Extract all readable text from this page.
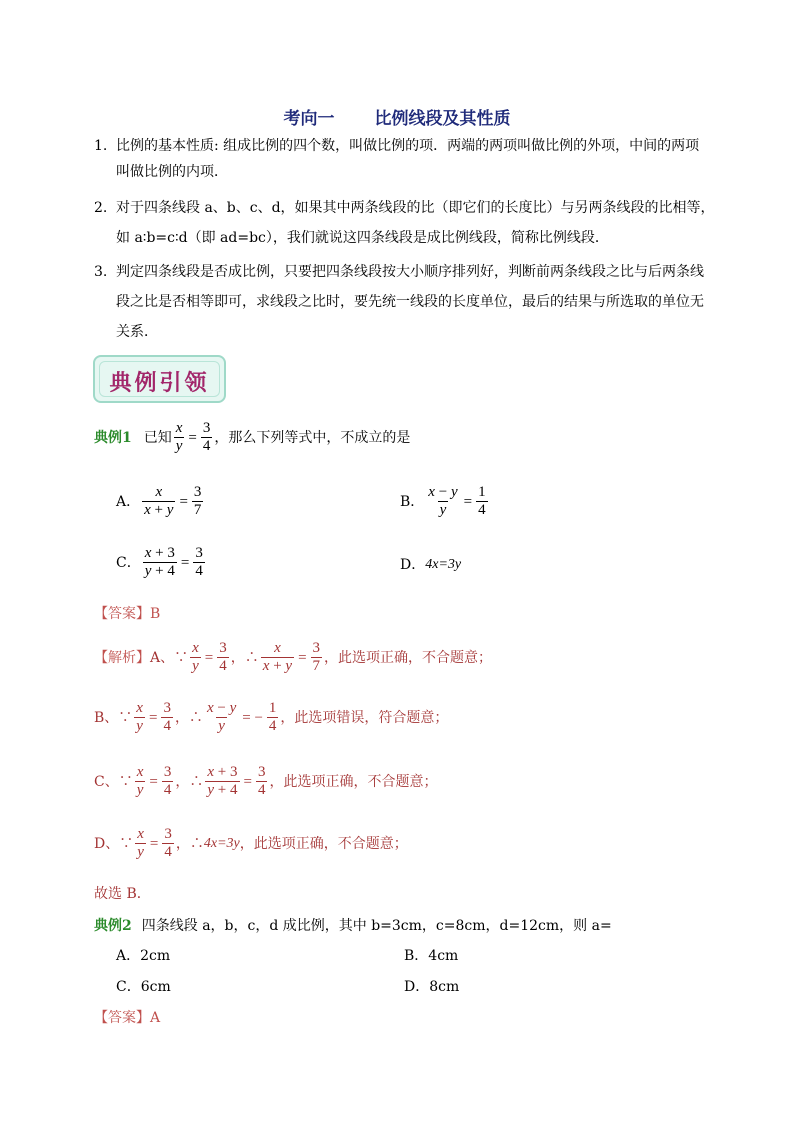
考向一 比例线段及其性质
1. 比例的基本性质: 组成比例的四个数，叫做比例的项．两端的两项叫做比例的外项，中间的两项
叫做比例的内项．
2. 对于四条线段 a、b、c、d，如果其中两条线段的比（即它们的长度比）与另两条线段的比相等，
如 a∶b=c∶d（即 ad=bc），我们就说这四条线段是成比例线段，简称比例线段．
3. 判定四条线段是否成比例，只要把四条线段按大小顺序排列好，判断前两条线段之比与后两条线
段之比是否相等即可，求线段之比时，要先统一线段的长度单位，最后的结果与所选取的单位无
关系．
典例引领
典例1 已知 $\frac{x}{y} = \frac{3}{4}$ ，那么下列等式中，不成立的是
A． $\frac{x}{x + y} = \frac{3}{7}$	B． $\frac{x - y}{y} = \frac{1}{4}$
C． $\frac{x + 3}{y + 4} = \frac{3}{4}$	D． 4x=3y
【答案】B
【解析】 A、∵ $\frac{x}{y} = \frac{3}{4}$ ，∴ $\frac{x}{x + y} = \frac{3}{7}$ ，此选项正确，不合题意；
B、∵ $\frac{x}{y} = \frac{3}{4}$ ，∴ $\frac{x - y}{y}$ = − $\frac{1}{4}$ ，此选项错误，符合题意；
C、∵ $\frac{x}{y} = \frac{3}{4}$ ，∴ $\frac{x + 3}{y + 4} = \frac{3}{4}$ ，此选项正确，不合题意；
D、∵ $\frac{x}{y} = \frac{3}{4}$ ，∴ 4x=3y ，此选项正确，不合题意；
故选 B．
典例2 四条线段 a，b，c，d 成比例，其中 b=3cm，c=8cm，d=12cm，则 a=
A．2cm	B．4cm
C．6cm	D．8cm
【答案】A
